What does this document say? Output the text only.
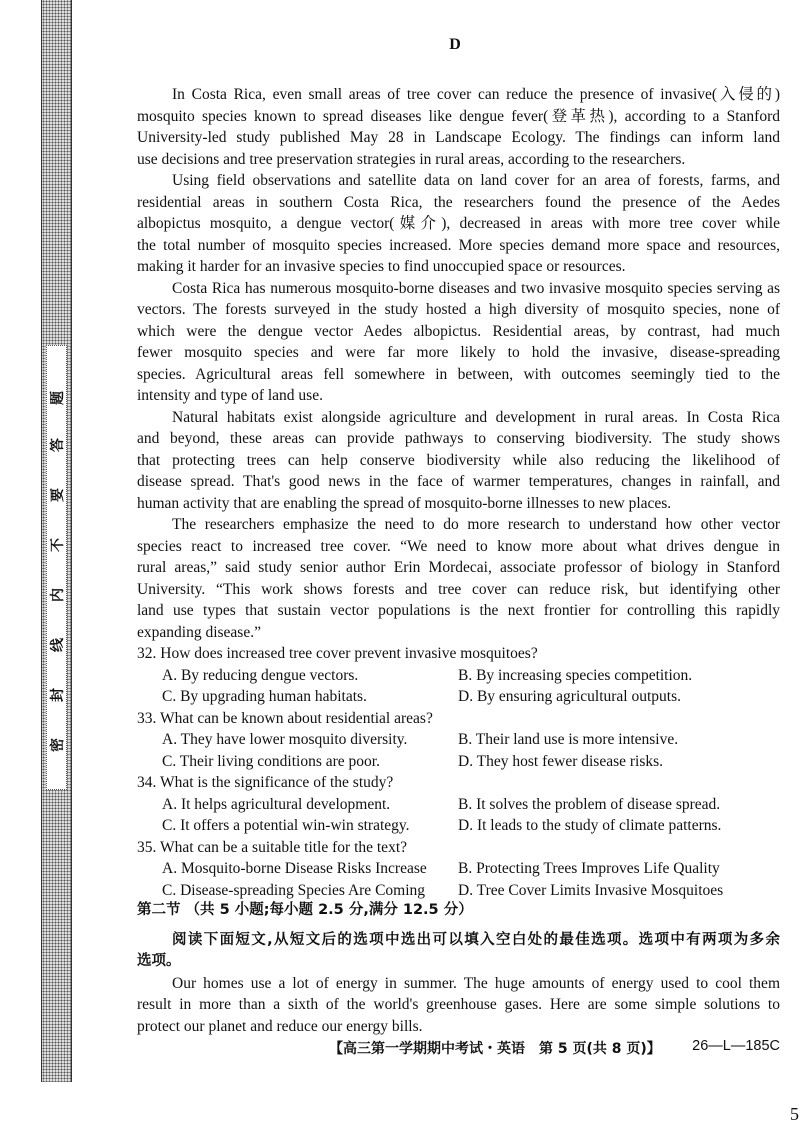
密
封
线
内
不
要
答
题
D
In Costa Rica, even small areas of tree cover can reduce the presence of invasive(入侵的)
mosquito species known to spread diseases like dengue fever(登革热), according to a Stanford
University-led study published May 28 in Landscape Ecology. The findings can inform land
use decisions and tree preservation strategies in rural areas, according to the researchers.
Using field observations and satellite data on land cover for an area of forests, farms, and
residential areas in southern Costa Rica, the researchers found the presence of the Aedes
albopictus mosquito, a dengue vector(媒介), decreased in areas with more tree cover while
the total number of mosquito species increased. More species demand more space and resources,
making it harder for an invasive species to find unoccupied space or resources.
Costa Rica has numerous mosquito-borne diseases and two invasive mosquito species serving as
vectors. The forests surveyed in the study hosted a high diversity of mosquito species, none of
which were the dengue vector Aedes albopictus. Residential areas, by contrast, had much
fewer mosquito species and were far more likely to hold the invasive, disease-spreading
species. Agricultural areas fell somewhere in between, with outcomes seemingly tied to the
intensity and type of land use.
Natural habitats exist alongside agriculture and development in rural areas. In Costa Rica
and beyond, these areas can provide pathways to conserving biodiversity. The study shows
that protecting trees can help conserve biodiversity while also reducing the likelihood of
disease spread. That's good news in the face of warmer temperatures, changes in rainfall, and
human activity that are enabling the spread of mosquito-borne illnesses to new places.
The researchers emphasize the need to do more research to understand how other vector
species react to increased tree cover. “We need to know more about what drives dengue in
rural areas,” said study senior author Erin Mordecai, associate professor of biology in Stanford
University. “This work shows forests and tree cover can reduce risk, but identifying other
land use types that sustain vector populations is the next frontier for controlling this rapidly
expanding disease.”
32. How does increased tree cover prevent invasive mosquitoes?
A. By reducing dengue vectors.	B. By increasing species competition.
C. By upgrading human habitats.	D. By ensuring agricultural outputs.
33. What can be known about residential areas?
A. They have lower mosquito diversity.	B. Their land use is more intensive.
C. Their living conditions are poor.	D. They host fewer disease risks.
34. What is the significance of the study?
A. It helps agricultural development.	B. It solves the problem of disease spread.
C. It offers a potential win-win strategy.	D. It leads to the study of climate patterns.
35. What can be a suitable title for the text?
A. Mosquito-borne Disease Risks Increase	B. Protecting Trees Improves Life Quality
C. Disease-spreading Species Are Coming	D. Tree Cover Limits Invasive Mosquitoes
第二节 （共 5 小题;每小题 2.5 分,满分 12.5 分）
阅读下面短文,从短文后的选项中选出可以填入空白处的最佳选项。选项中有两项为多余
选项。
Our homes use a lot of energy in summer. The huge amounts of energy used to cool them
result in more than a sixth of the world's greenhouse gases. Here are some simple solutions to
protect our planet and reduce our energy bills.
【高三第一学期期中考试・英语　第 5 页(共 8 页)】 26—L—185C
5
